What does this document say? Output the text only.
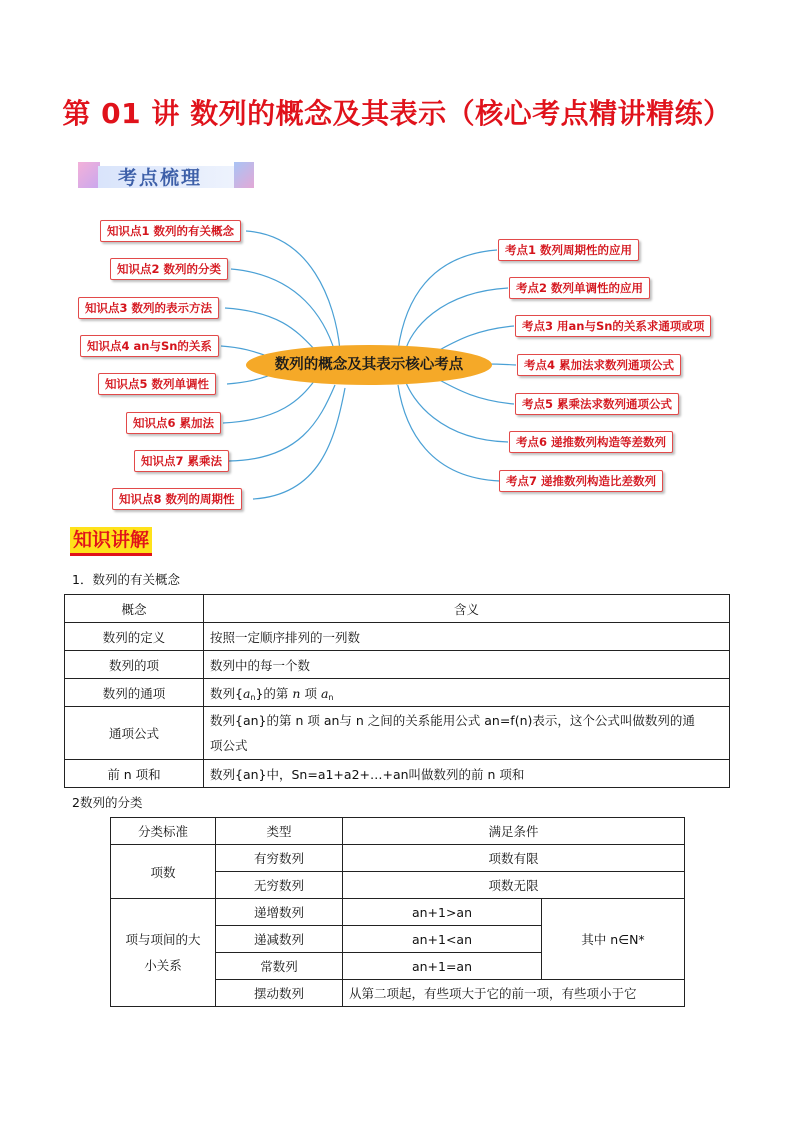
第 01 讲 数列的概念及其表示（核心考点精讲精练）
考点梳理
数列的概念及其表示核心考点
知识点1 数列的有关概念
知识点2 数列的分类
知识点3 数列的表示方法
知识点4 an与Sn的关系
知识点5 数列单调性
知识点6 累加法
知识点7 累乘法
知识点8 数列的周期性
考点1 数列周期性的应用
考点2 数列单调性的应用
考点3 用an与Sn的关系求通项或项
考点4 累加法求数列通项公式
考点5 累乘法求数列通项公式
考点6 递推数列构造等差数列
考点7 递推数列构造比差数列
知识讲解
1．数列的有关概念
概念	含义
数列的定义	按照一定顺序排列的一列数
数列的项	数列中的每一个数
数列的通项	数列$\{a_n\}$的第 n 项 $a_n$
通项公式	数列{an}的第 n 项 an与 n 之间的关系能用公式 an=f(n)表示，这个公式叫做数列的通
项公式

前 n 项和	数列{an}中，Sn=a1+a2+…+an叫做数列的前 n 项和
2数列的分类
分类标准	类型	满足条件	
项数	有穷数列	项数有限	
	无穷数列	项数无限	

项与项间的大
小关系	递增数列	an+1>an	其中 n∈N*
	递减数列	an+1<an	
	常数列	an+1=an	
	摆动数列	从第二项起，有些项大于它的前一项，有些项小于它	
